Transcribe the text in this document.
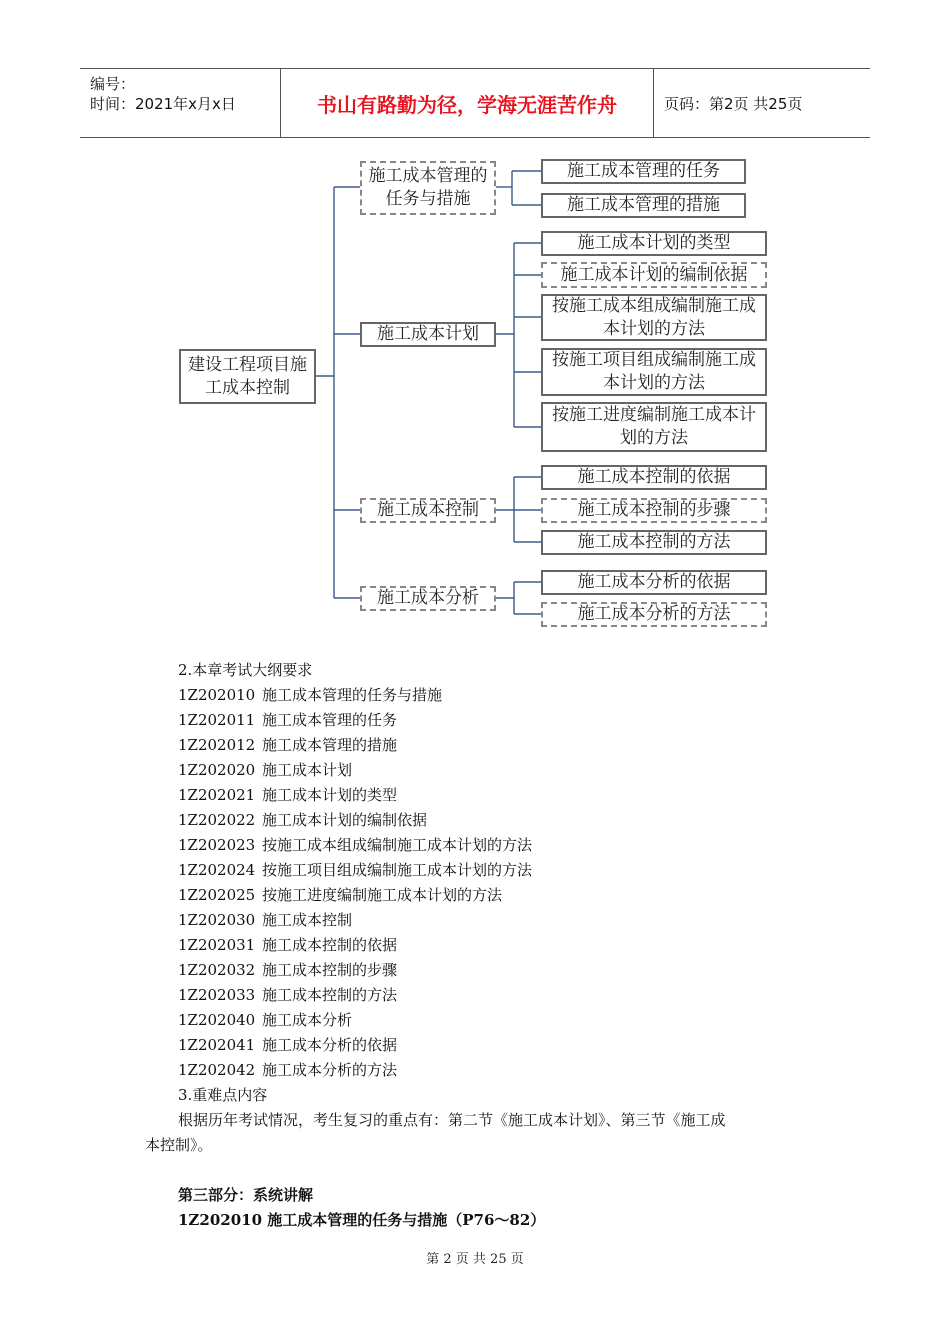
编号：
时间：2021年x月x日	书山有路勤为径，学海无涯苦作舟	页码：第2页 共25页
建设工程项目施工成本控制
施工成本管理的任务与措施
施工成本计划
施工成本控制
施工成本分析
施工成本管理的任务
施工成本管理的措施
施工成本计划的类型
施工成本计划的编制依据
按施工成本组成编制施工成本计划的方法
按施工项目组成编制施工成本计划的方法
按施工进度编制施工成本计划的方法
施工成本控制的依据
施工成本控制的步骤
施工成本控制的方法
施工成本分析的依据
施工成本分析的方法
2.本章考试大纲要求
1Z202010 施工成本管理的任务与措施
1Z202011 施工成本管理的任务
1Z202012 施工成本管理的措施
1Z202020 施工成本计划
1Z202021 施工成本计划的类型
1Z202022 施工成本计划的编制依据
1Z202023 按施工成本组成编制施工成本计划的方法
1Z202024 按施工项目组成编制施工成本计划的方法
1Z202025 按施工进度编制施工成本计划的方法
1Z202030 施工成本控制
1Z202031 施工成本控制的依据
1Z202032 施工成本控制的步骤
1Z202033 施工成本控制的方法
1Z202040 施工成本分析
1Z202041 施工成本分析的依据
1Z202042 施工成本分析的方法
3.重难点内容
根据历年考试情况，考生复习的重点有：第二节《施工成本计划》、第三节《施工成
本控制》。
第三部分：系统讲解
1Z202010 施工成本管理的任务与措施（P76～82）
第 2 页 共 25 页
